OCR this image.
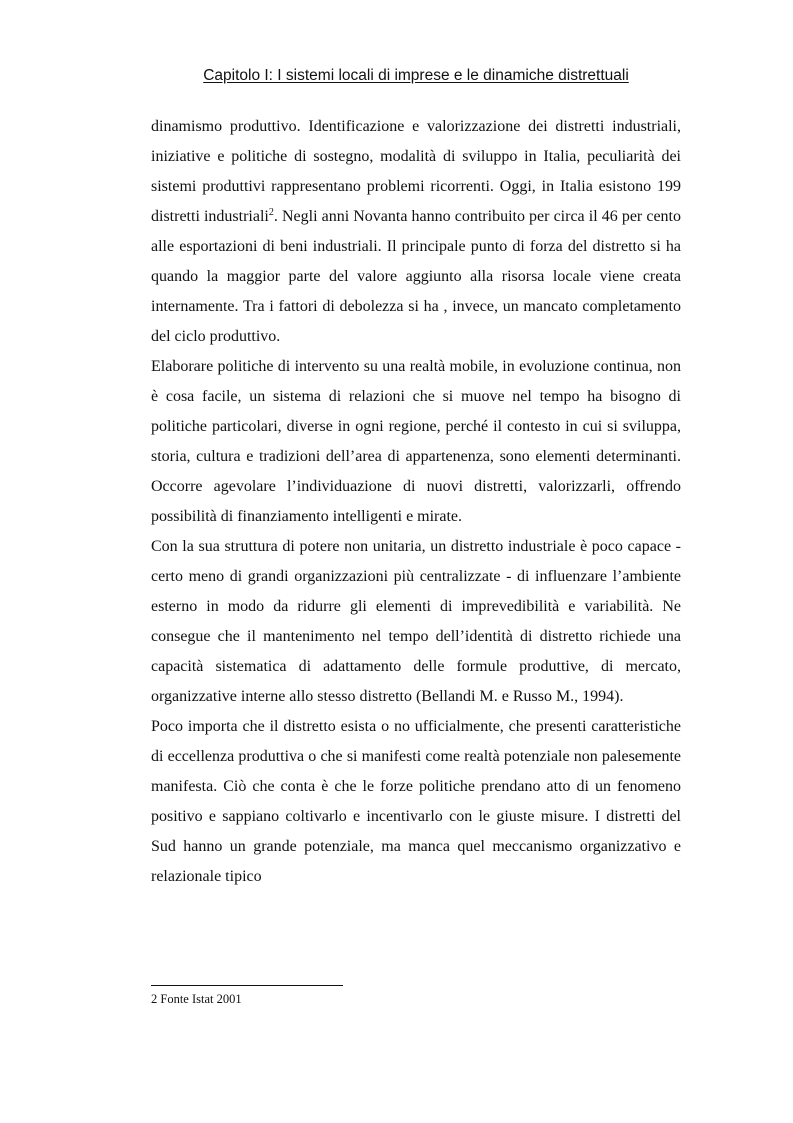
Capitolo I: I sistemi locali di imprese e le dinamiche distrettuali

dinamismo produttivo. Identificazione e valorizzazione dei distretti industriali, iniziative e politiche di sostegno, modalità di sviluppo in Italia, peculiarità dei sistemi produttivi rappresentano problemi ricorrenti. Oggi, in Italia esistono 199 distretti industriali$^2$. Negli anni Novanta hanno contribuito per circa il 46 per cento alle esportazioni di beni industriali. Il principale punto di forza del distretto si ha quando la maggior parte del valore aggiunto alla risorsa locale viene creata internamente. Tra i fattori di debolezza si ha , invece, un mancato completamento del ciclo produttivo.

Elaborare politiche di intervento su una realtà mobile, in evoluzione continua, non è cosa facile, un sistema di relazioni che si muove nel tempo ha bisogno di politiche particolari, diverse in ogni regione, perché il contesto in cui si sviluppa, storia, cultura e tradizioni dell’area di appartenenza, sono elementi determinanti. Occorre agevolare l’individuazione di nuovi distretti, valorizzarli, offrendo possibilità di finanziamento intelligenti e mirate.

Con la sua struttura di potere non unitaria, un distretto industriale è poco capace - certo meno di grandi organizzazioni più centralizzate - di influenzare l’ambiente esterno in modo da ridurre gli elementi di imprevedibilità e variabilità. Ne consegue che il mantenimento nel tempo dell’identità di distretto richiede una capacità sistematica di adattamento delle formule produttive, di mercato, organizzative interne allo stesso distretto (Bellandi M. e Russo M., 1994).

Poco importa che il distretto esista o no ufficialmente, che presenti caratteristiche di eccellenza produttiva o che si manifesti come realtà potenziale non palesemente manifesta. Ciò che conta è che le forze politiche prendano atto di un fenomeno positivo e sappiano coltivarlo e incentivarlo con le giuste misure. I distretti del Sud hanno un grande potenziale, ma manca quel meccanismo organizzativo e relazionale tipico

2 Fonte Istat 2001
